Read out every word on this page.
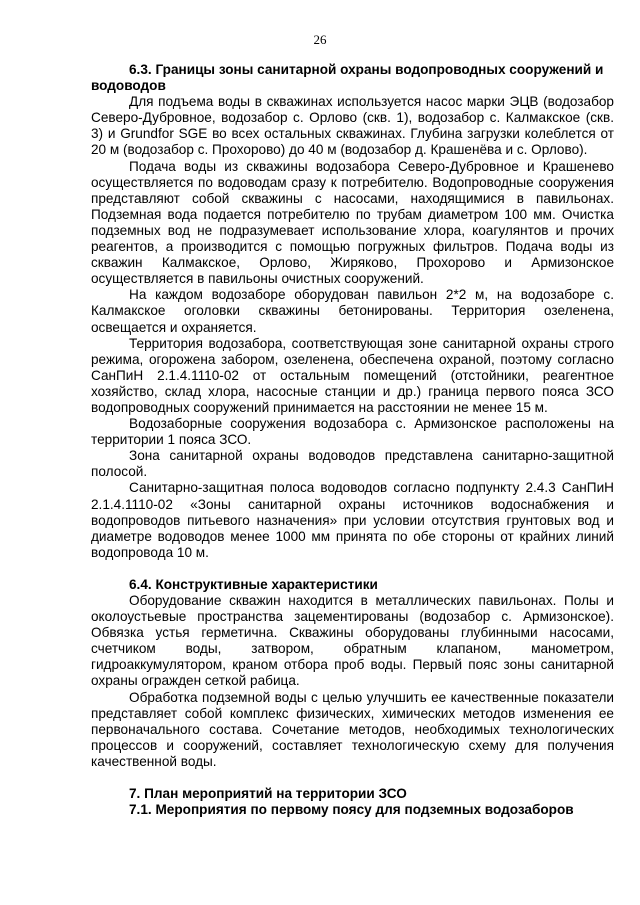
26

6.3. Границы зоны санитарной охраны водопроводных сооружений и водоводов

Для подъема воды в скважинах используется насос марки ЭЦВ (водозабор Северо-Дубровное, водозабор с. Орлово (скв. 1), водозабор с. Калмакское (скв. 3) и Grundfor SGE во всех остальных скважинах. Глубина загрузки колеблется от 20 м (водозабор с. Прохорово) до 40 м (водозабор д. Крашенёва и с. Орлово).

Подача воды из скважины водозабора Северо-Дубровное и Крашенево осуществляется по водоводам сразу к потребителю. Водопроводные сооружения представляют собой скважины с насосами, находящимися в павильонах. Подземная вода подается потребителю по трубам диаметром 100 мм. Очистка подземных вод не подразумевает использование хлора, коагулянтов и прочих реагентов, а производится с помощью погружных фильтров. Подача воды из скважин Калмакское, Орлово, Жиряково, Прохорово и Армизонское осуществляется в павильоны очистных сооружений.

На каждом водозаборе оборудован павильон 2*2 м, на водозаборе с. Калмакское оголовки скважины бетонированы. Территория озеленена, освещается и охраняется.

Территория водозабора, соответствующая зоне санитарной охраны строго режима, огорожена забором, озеленена, обеспечена охраной, поэтому согласно СанПиН 2.1.4.1110-02 от остальным помещений (отстойники, реагентное хозяйство, склад хлора, насосные станции и др.) граница первого пояса ЗСО водопроводных сооружений принимается на расстоянии не менее 15 м.

Водозаборные сооружения водозабора с. Армизонское расположены на территории 1 пояса ЗСО.

Зона санитарной охраны водоводов представлена санитарно-защитной полосой.

Санитарно-защитная полоса водоводов согласно подпункту 2.4.3 СанПиН 2.1.4.1110-02 «Зоны санитарной охраны источников водоснабжения и водопроводов питьевого назначения» при условии отсутствия грунтовых вод и диаметре водоводов менее 1000 мм принята по обе стороны от крайних линий водопровода 10 м.

6.4. Конструктивные характеристики

Оборудование скважин находится в металлических павильонах. Полы и околоустьевые пространства зацементированы (водозабор с. Армизонское). Обвязка устья герметична. Скважины оборудованы глубинными насосами, счетчиком воды, затвором, обратным клапаном, манометром, гидроаккумулятором, краном отбора проб воды. Первый пояс зоны санитарной охраны огражден сеткой рабица.

Обработка подземной воды с целью улучшить ее качественные показатели представляет собой комплекс физических, химических методов изменения ее первоначального состава. Сочетание методов, необходимых технологических процессов и сооружений, составляет технологическую схему для получения качественной воды.

7. План мероприятий на территории ЗСО

7.1. Мероприятия по первому поясу для подземных водозаборов
